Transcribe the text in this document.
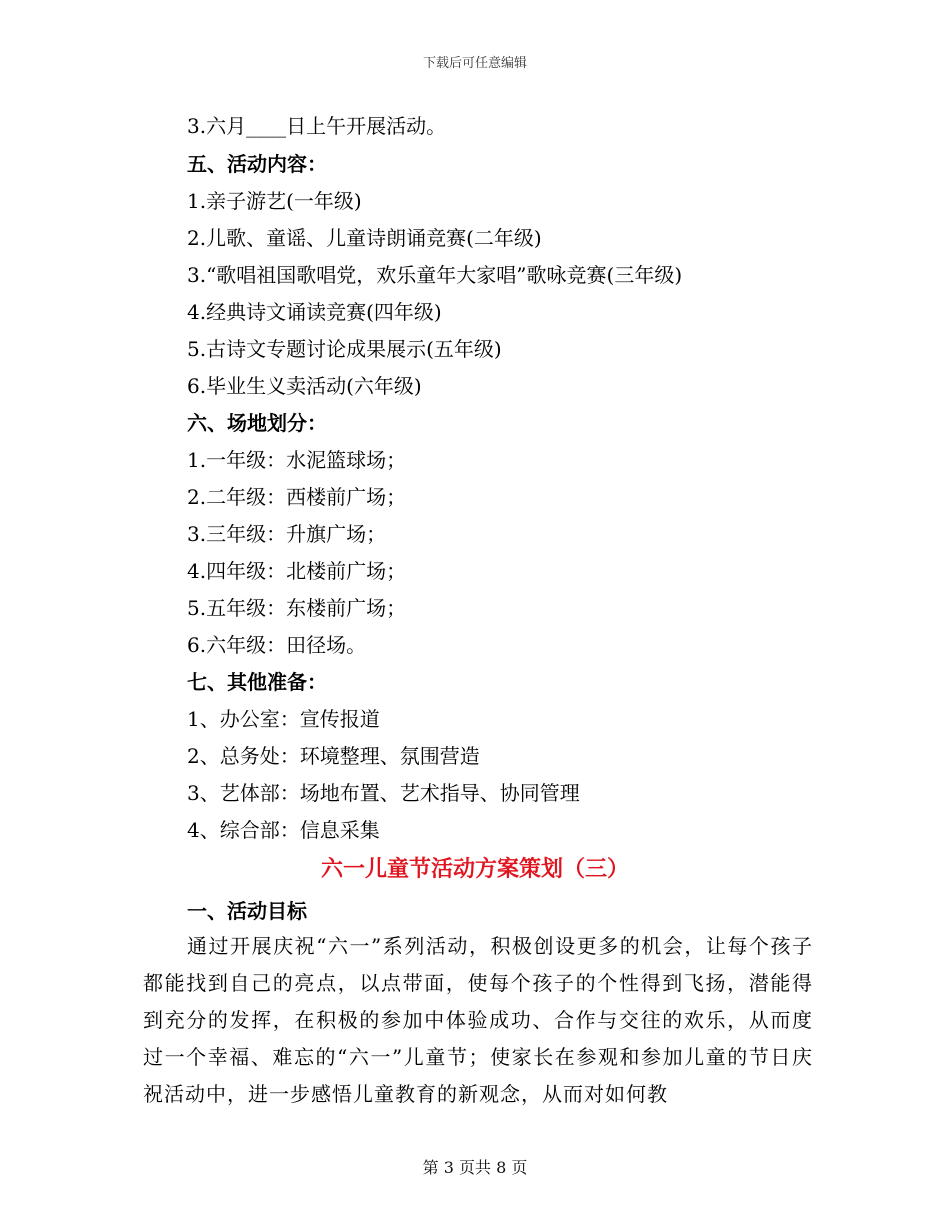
下载后可任意编辑
3.六月____日上午开展活动。
五、活动内容：
1.亲子游艺(一年级)
2.儿歌、童谣、儿童诗朗诵竞赛(二年级)
3.“歌唱祖国歌唱党，欢乐童年大家唱”歌咏竞赛(三年级)
4.经典诗文诵读竞赛(四年级)
5.古诗文专题讨论成果展示(五年级)
6.毕业生义卖活动(六年级)
六、场地划分：
1.一年级：水泥篮球场；
2.二年级：西楼前广场；
3.三年级：升旗广场；
4.四年级：北楼前广场；
5.五年级：东楼前广场；
6.六年级：田径场。
七、其他准备：
1、办公室：宣传报道
2、总务处：环境整理、氛围营造
3、艺体部：场地布置、艺术指导、协同管理
4、综合部：信息采集
六一儿童节活动方案策划（三）
一、活动目标
通过开展庆祝“六一”系列活动，积极创设更多的机会，让每个孩子都能找到自己的亮点，以点带面，使每个孩子的个性得到飞扬，潜能得到充分的发挥，在积极的参加中体验成功、合作与交往的欢乐，从而度过一个幸福、难忘的“六一”儿童节；使家长在参观和参加儿童的节日庆祝活动中，进一步感悟儿童教育的新观念，从而对如何教
第 3 页共 8 页
